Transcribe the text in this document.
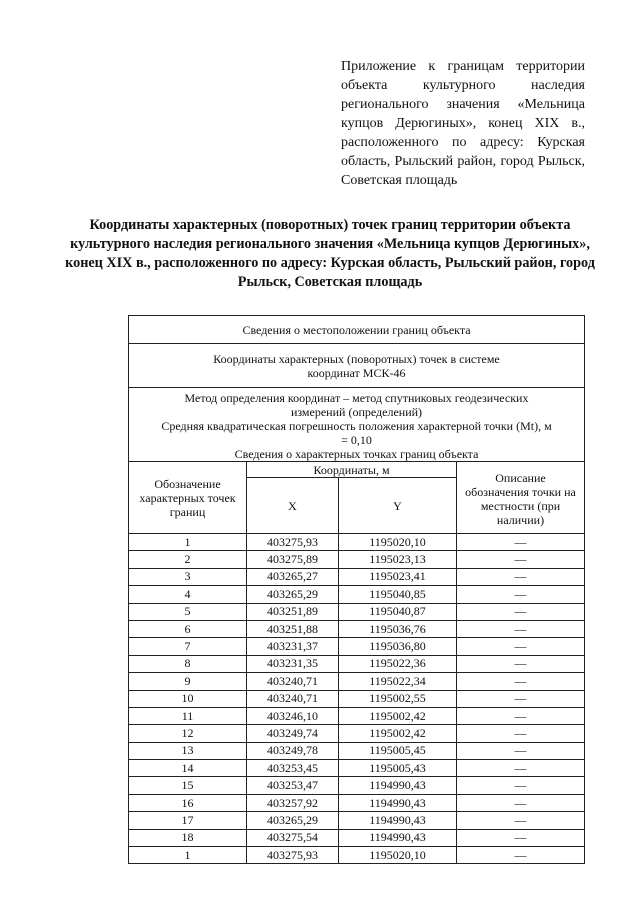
Приложение к границам территории объекта культурного наследия регионального значения «Мельница купцов Дерюгиных», конец XIX в., расположенного по адресу: Курская область, Рыльский район, город Рыльск, Советская площадь
Координаты характерных (поворотных) точек границ территории объекта культурного наследия регионального значения «Мельница купцов Дерюгиных», конец XIX в., расположенного по адресу: Курская область, Рыльский район, город Рыльск, Советская площадь
Сведения о местоположении границ объекта			
Координаты характерных (поворотных) точек в системе координат МСК-46			

Метод определения координат – метод спутниковых геодезических измерений (определений)
Средняя квадратическая погрешность положения характерной точки (Mt), м = 0,10
Сведения о характерных точках границ объекта			

Обозначение характерных точек границ	Координаты, м		Описание обозначения точки на местности (при наличии)
	X	Y	
1	403275,93	1195020,10	—
2	403275,89	1195023,13	—
3	403265,27	1195023,41	—
4	403265,29	1195040,85	—
5	403251,89	1195040,87	—
6	403251,88	1195036,76	—
7	403231,37	1195036,80	—
8	403231,35	1195022,36	—
9	403240,71	1195022,34	—
10	403240,71	1195002,55	—
11	403246,10	1195002,42	—
12	403249,74	1195002,42	—
13	403249,78	1195005,45	—
14	403253,45	1195005,43	—
15	403253,47	1194990,43	—
16	403257,92	1194990,43	—
17	403265,29	1194990,43	—
18	403275,54	1194990,43	—
1	403275,93	1195020,10	—
